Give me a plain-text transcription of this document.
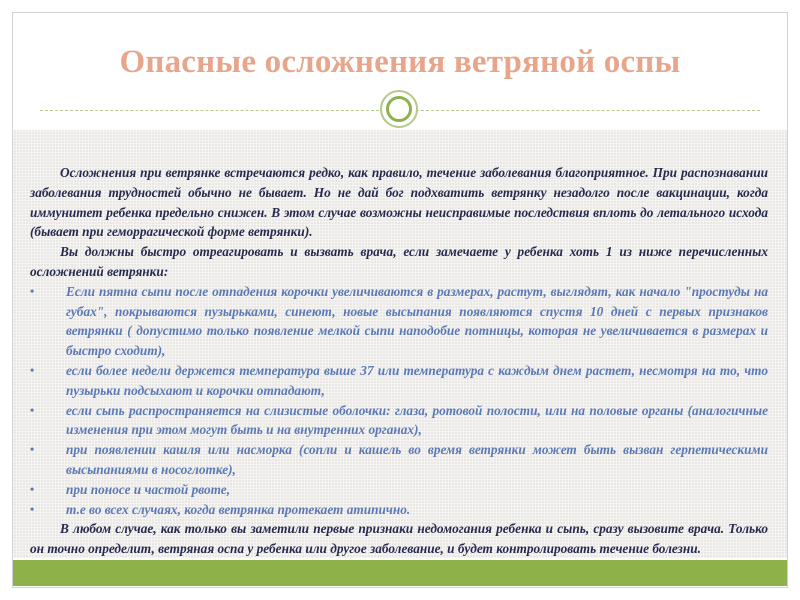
Опасные осложнения ветряной оспы

Осложнения при ветрянке встречаются редко, как правило, течение заболевания благоприятное. При распознавании заболевания трудностей обычно не бывает. Но не дай бог подхватить ветрянку незадолго после вакцинации, когда иммунитет ребенка предельно снижен. В этом случае возможны неисправимые последствия вплоть до летального исхода (бывает при геморрагической форме ветрянки).

Вы должны быстро отреагировать и вызвать врача, если замечаете у ребенка хоть 1 из ниже перечисленных осложнений ветрянки:

• Если пятна сыпи после отпадения корочки увеличиваются в размерах, растут, выглядят, как начало "простуды на губах", покрываются пузырьками, синеют, новые высыпания появляются спустя 10 дней с первых признаков ветрянки ( допустимо только появление мелкой сыпи наподобие потницы, которая не увеличивается в размерах и быстро сходит),
• если более недели держется температура выше 37 или температура с каждым днем растет, несмотря на то, что пузырьки подсыхают и корочки отпадают,
• если сыпь распространяется на слизистые оболочки: глаза, ротовой полости, или на половые органы (аналогичные изменения при этом могут быть и на внутренних органах),
• при появлении кашля или насморка (сопли и кашель во время ветрянки может быть вызван герпетическими высыпаниями в носоглотке),
• при поносе и частой рвоте,
• т.е во всех случаях, когда ветрянка протекает атипично.

В любом случае, как только вы заметили первые признаки недомогания ребенка и сыпь, сразу вызовите врача. Только он точно определит, ветряная оспа у ребенка или другое заболевание, и будет контролировать течение болезни.
